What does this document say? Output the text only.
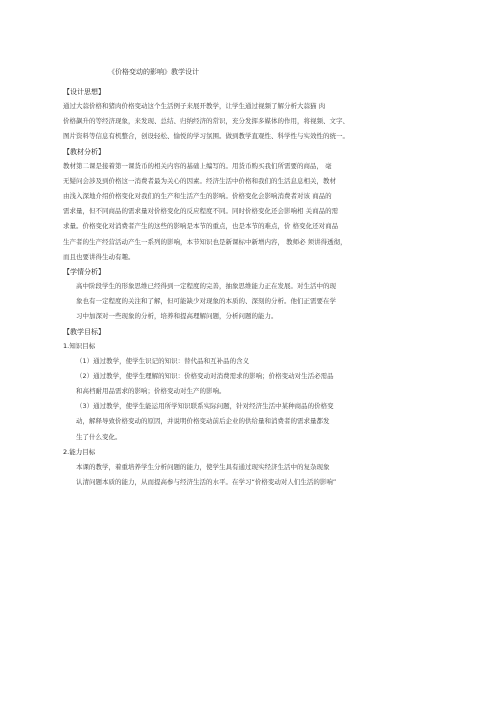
《价格变动的影响》教学设计
【设计思想】
通过大蒜价格和猪肉价格变动这个生活例子来展开教学，让学生通过视频了解分析大蒜猫 肉
价格飙升的等经济现象，来发现、总结、归纳经济的常识，充分发挥多媒体的作用，将视频、文字、
图片资料等信息有机整合，创设轻松、愉悦的学习氛围。做到教学直观性、科学性与实效性的统一。
【教材分析】
教材第二课是接着第一课货币的相关内容的基础上编写的。用货币购买我们所需要的商品， 毫
无疑问会涉及到价格这一消费者最为关心的因素。经济生活中价格和我们的生活息息相关，教材
由浅入深地介绍价格变化对我们的生产和生活产生的影响。价格变化会影响消费者对该 商品的
需求量，但不同商品的需求量对价格变化的反应程度不同。同时价格变化还会影响相 关商品的需
求量。价格变化对消费者产生的这些的影响是本节的重点，也是本节的难点，价 格变化还对商品
生产者的生产经营活动产生一系列的影响，本节知识也是新课标中新增内容， 教师必 须讲得透彻，
而且也要讲得生动有趣。
【学情分析】
高中阶段学生的形象思维已经得到一定程度的完善，抽象思维能力正在发展。对生活中的现
象也有一定程度的关注和了解，但可能缺少对现象的本质的、深刻的分析。他们正需要在学
习中加深对一些现象的分析，培养和提高理解问题，分析问题的能力。
【教学目标】
1.知识目标
（1）通过教学，使学生识记的知识：替代品和互补品的含义
（2）通过教学，使学生理解的知识：价格变动对消费需求的影响；价格变动对生活必需品
和高档耐用品需求的影响；价格变动对生产的影响。
（3）通过教学，使学生能运用所学知识联系实际问题，针对经济生活中某种商品的价格变
动，解释导致价格变动的原因，并说明价格变动前后企业的供给量和消费者的需求量都发
生了什么变化。
2.能力目标
本课的教学，着重培养学生分析问题的能力，使学生具有通过现实经济生活中的复杂现象
认清问题本质的能力，从而提高参与经济生活的水平。在学习“价格变动对人们生活的影响”
